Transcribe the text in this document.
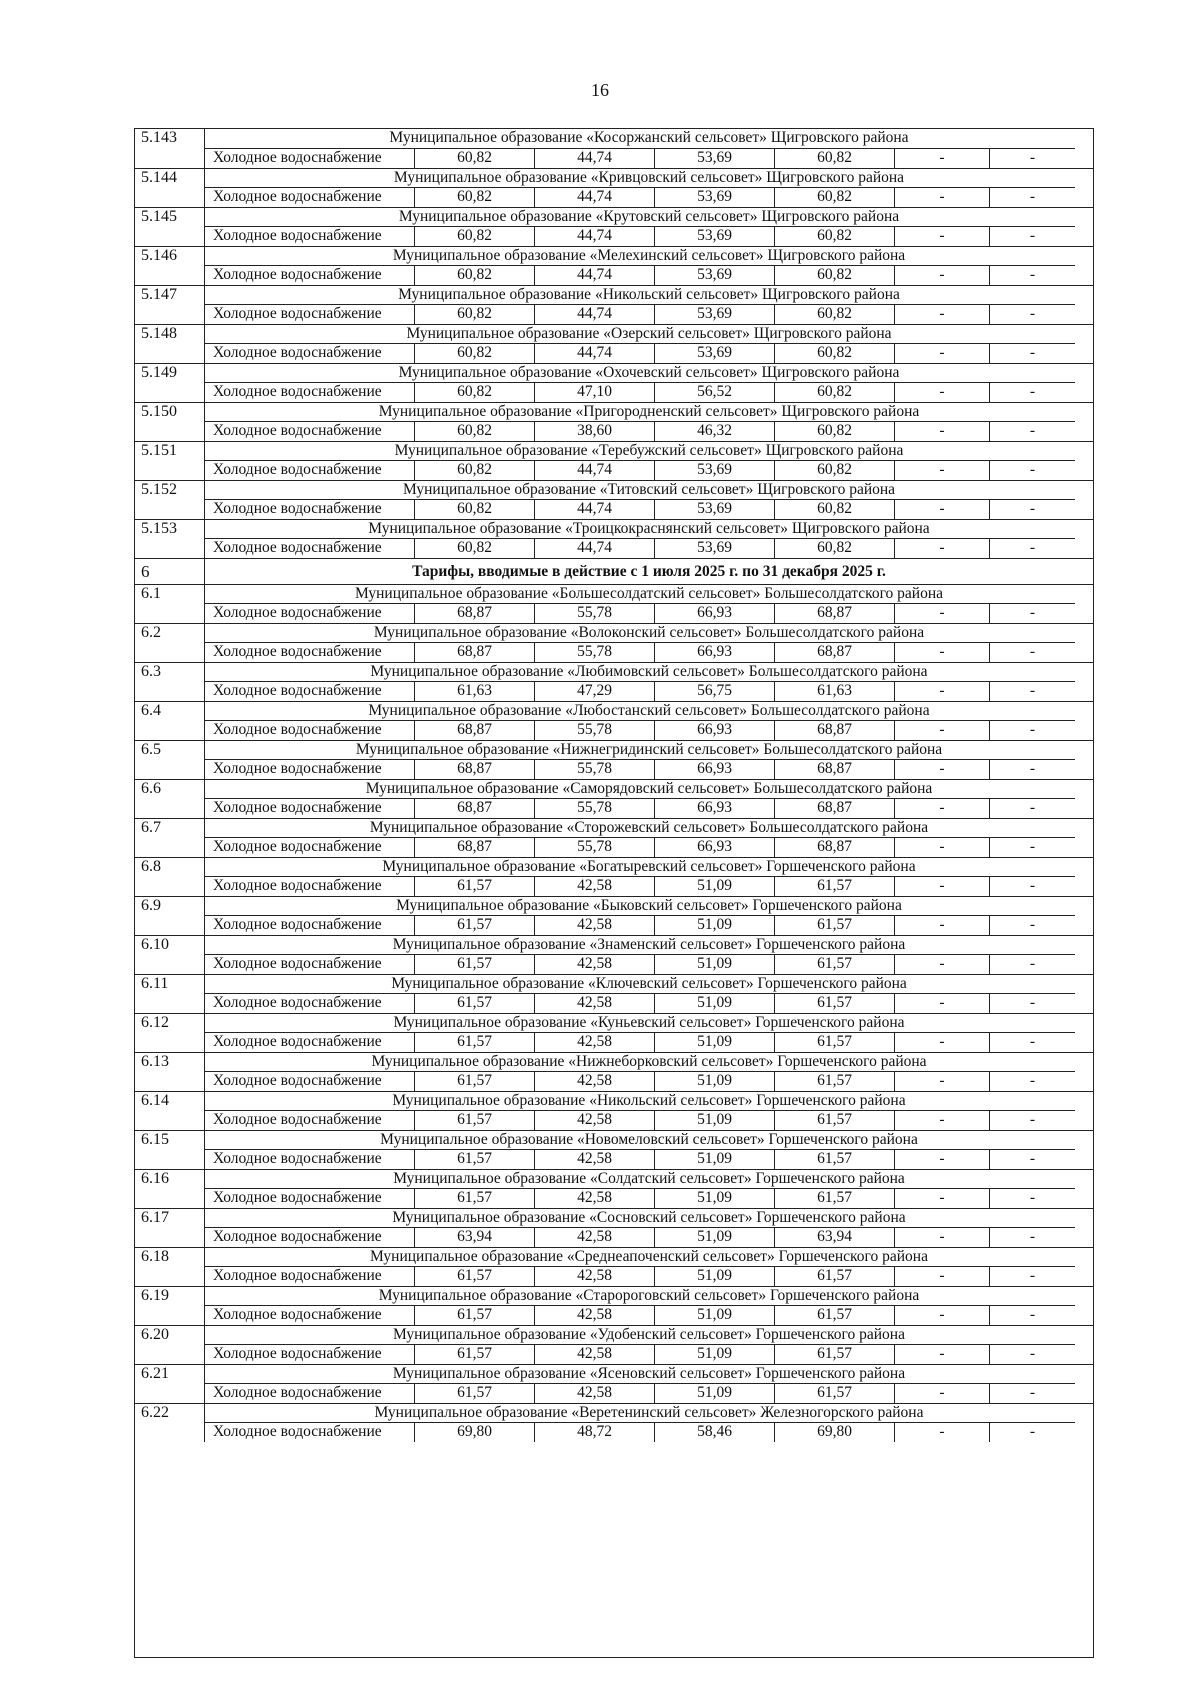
16
5.143	Муниципальное образование «Косоржанский сельсовет» Щигровского района
Холодное водоснабжение	60,82	44,74	53,69	60,82	-	-
5.144	Муниципальное образование «Кривцовский сельсовет» Щигровского района
Холодное водоснабжение	60,82	44,74	53,69	60,82	-	-
5.145	Муниципальное образование «Крутовский сельсовет» Щигровского района
Холодное водоснабжение	60,82	44,74	53,69	60,82	-	-
5.146	Муниципальное образование «Мелехинский сельсовет» Щигровского района
Холодное водоснабжение	60,82	44,74	53,69	60,82	-	-
5.147	Муниципальное образование «Никольский сельсовет» Щигровского района
Холодное водоснабжение	60,82	44,74	53,69	60,82	-	-
5.148	Муниципальное образование «Озерский сельсовет» Щигровского района
Холодное водоснабжение	60,82	44,74	53,69	60,82	-	-
5.149	Муниципальное образование «Охочевский сельсовет» Щигровского района
Холодное водоснабжение	60,82	47,10	56,52	60,82	-	-
5.150	Муниципальное образование «Пригородненский сельсовет» Щигровского района
Холодное водоснабжение	60,82	38,60	46,32	60,82	-	-
5.151	Муниципальное образование «Теребужский сельсовет» Щигровского района
Холодное водоснабжение	60,82	44,74	53,69	60,82	-	-
5.152	Муниципальное образование «Титовский сельсовет» Щигровского района
Холодное водоснабжение	60,82	44,74	53,69	60,82	-	-
5.153	Муниципальное образование «Троицкокраснянский сельсовет» Щигровского района
Холодное водоснабжение	60,82	44,74	53,69	60,82	-	-
6	Тарифы, вводимые в действие с 1 июля 2025 г. по 31 декабря 2025 г.
6.1	Муниципальное образование «Большесолдатский сельсовет» Большесолдатского района
Холодное водоснабжение	68,87	55,78	66,93	68,87	-	-
6.2	Муниципальное образование «Волоконский сельсовет» Большесолдатского района
Холодное водоснабжение	68,87	55,78	66,93	68,87	-	-
6.3	Муниципальное образование «Любимовский сельсовет» Большесолдатского района
Холодное водоснабжение	61,63	47,29	56,75	61,63	-	-
6.4	Муниципальное образование «Любостанский сельсовет» Большесолдатского района
Холодное водоснабжение	68,87	55,78	66,93	68,87	-	-
6.5	Муниципальное образование «Нижнегридинский сельсовет» Большесолдатского района
Холодное водоснабжение	68,87	55,78	66,93	68,87	-	-
6.6	Муниципальное образование «Саморядовский сельсовет» Большесолдатского района
Холодное водоснабжение	68,87	55,78	66,93	68,87	-	-
6.7	Муниципальное образование «Сторожевский сельсовет» Большесолдатского района
Холодное водоснабжение	68,87	55,78	66,93	68,87	-	-
6.8	Муниципальное образование «Богатыревский сельсовет» Горшеченского района
Холодное водоснабжение	61,57	42,58	51,09	61,57	-	-
6.9	Муниципальное образование «Быковский сельсовет» Горшеченского района
Холодное водоснабжение	61,57	42,58	51,09	61,57	-	-
6.10	Муниципальное образование «Знаменский сельсовет» Горшеченского района
Холодное водоснабжение	61,57	42,58	51,09	61,57	-	-
6.11	Муниципальное образование «Ключевский сельсовет» Горшеченского района
Холодное водоснабжение	61,57	42,58	51,09	61,57	-	-
6.12	Муниципальное образование «Куньевский сельсовет» Горшеченского района
Холодное водоснабжение	61,57	42,58	51,09	61,57	-	-
6.13	Муниципальное образование «Нижнеборковский сельсовет» Горшеченского района
Холодное водоснабжение	61,57	42,58	51,09	61,57	-	-
6.14	Муниципальное образование «Никольский сельсовет» Горшеченского района
Холодное водоснабжение	61,57	42,58	51,09	61,57	-	-
6.15	Муниципальное образование «Новомеловский сельсовет» Горшеченского района
Холодное водоснабжение	61,57	42,58	51,09	61,57	-	-
6.16	Муниципальное образование «Солдатский сельсовет» Горшеченского района
Холодное водоснабжение	61,57	42,58	51,09	61,57	-	-
6.17	Муниципальное образование «Сосновский сельсовет» Горшеченского района
Холодное водоснабжение	63,94	42,58	51,09	63,94	-	-
6.18	Муниципальное образование «Среднеапоченский сельсовет» Горшеченского района
Холодное водоснабжение	61,57	42,58	51,09	61,57	-	-
6.19	Муниципальное образование «Старороговский сельсовет» Горшеченского района
Холодное водоснабжение	61,57	42,58	51,09	61,57	-	-
6.20	Муниципальное образование «Удобенский сельсовет» Горшеченского района
Холодное водоснабжение	61,57	42,58	51,09	61,57	-	-
6.21	Муниципальное образование «Ясеновский сельсовет» Горшеченского района
Холодное водоснабжение	61,57	42,58	51,09	61,57	-	-
6.22	Муниципальное образование «Веретенинский сельсовет» Железногорского района
Холодное водоснабжение	69,80	48,72	58,46	69,80	-	-
